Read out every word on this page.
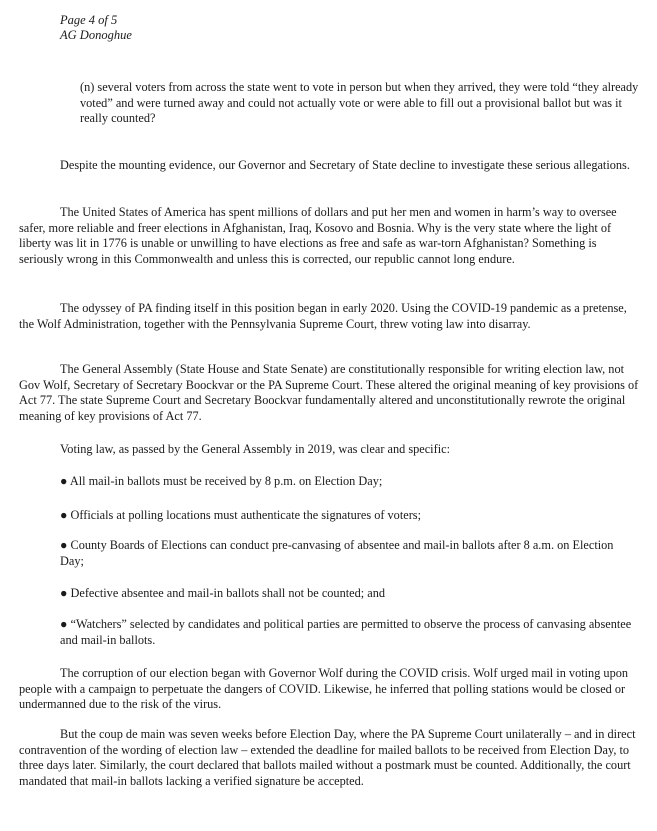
Page 4 of 5
AG Donoghue

(n) several voters from across the state went to vote in person but when they arrived, they were told “they already voted” and were turned away and could not actually vote or were able to fill out a provisional ballot but was it really counted?

Despite the mounting evidence, our Governor and Secretary of State decline to investigate these serious allegations.

The United States of America has spent millions of dollars and put her men and women in harm’s way to oversee safer, more reliable and freer elections in Afghanistan, Iraq, Kosovo and Bosnia. Why is the very state where the light of liberty was lit in 1776 is unable or unwilling to have elections as free and safe as war-torn Afghanistan? Something is seriously wrong in this Commonwealth and unless this is corrected, our republic cannot long endure.

The odyssey of PA finding itself in this position began in early 2020. Using the COVID-19 pandemic as a pretense, the Wolf Administration, together with the Pennsylvania Supreme Court, threw voting law into disarray.

The General Assembly (State House and State Senate) are constitutionally responsible for writing election law, not Gov Wolf, Secretary of Secretary Boockvar or the PA Supreme Court. These altered the original meaning of key provisions of Act 77. The state Supreme Court and Secretary Boockvar fundamentally altered and unconstitutionally rewrote the original meaning of key provisions of Act 77.

Voting law, as passed by the General Assembly in 2019, was clear and specific:

● All mail-in ballots must be received by 8 p.m. on Election Day;

● Officials at polling locations must authenticate the signatures of voters;

● County Boards of Elections can conduct pre-canvasing of absentee and mail-in ballots after 8 a.m. on Election Day;

● Defective absentee and mail-in ballots shall not be counted; and

● “Watchers” selected by candidates and political parties are permitted to observe the process of canvasing absentee and mail-in ballots.

The corruption of our election began with Governor Wolf during the COVID crisis. Wolf urged mail in voting upon people with a campaign to perpetuate the dangers of COVID. Likewise, he inferred that polling stations would be closed or undermanned due to the risk of the virus.

But the coup de main was seven weeks before Election Day, where the PA Supreme Court unilaterally – and in direct contravention of the wording of election law – extended the deadline for mailed ballots to be received from Election Day, to three days later. Similarly, the court declared that ballots mailed without a postmark must be counted. Additionally, the court mandated that mail-in ballots lacking a verified signature be accepted.
